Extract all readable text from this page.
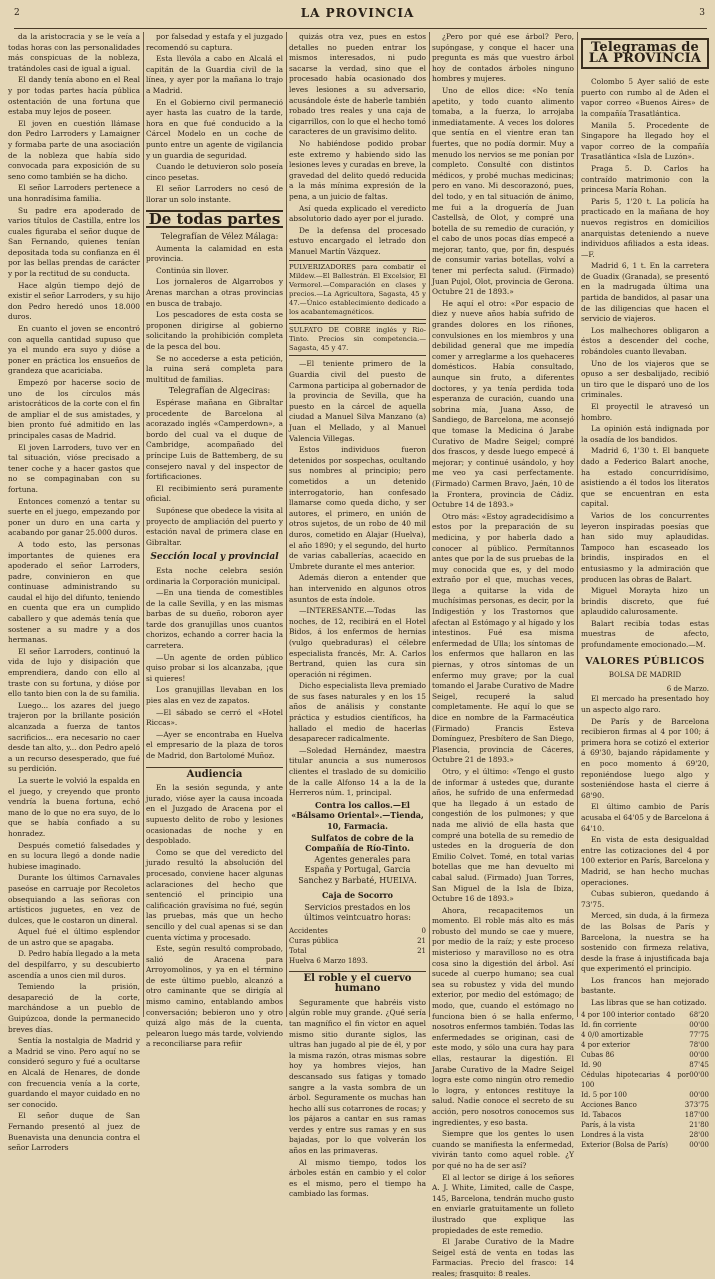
2	LA PROVINCIA	3

da la aristocracia y se le veía a todas horas con las personalidades más conspicuas de la nobleza, tratándoles casi de igual a igual.

El dandy tenía abono en el Real y por todas partes hacía pública ostentación de una fortuna que estaba muy lejos de poseer.

El joven en cuestión llámase don Pedro Larroders y Lamaigner y formaba parte de una asociación de la nobleza que había sido convocada para exposición de su seno como también se ha dicho.

El señor Larroders pertenece a una honradísima familia.

Su padre era apoderado de varios títulos de Castilla, entre los cuales figuraba el señor duque de San Fernando, quienes tenían depositada toda su confianza en él por las bellas prendas de carácter y por la rectitud de su conducta.

Hace algún tiempo dejó de existir el señor Larroders, y su hijo don Pedro heredó unos 18.000 duros.

En cuanto el joven se encontró con aquella cantidad supuso que ya el mundo era suyo y dióse a poner en práctica los ensueños de grandeza que acariciaba.

Empezó por hacerse socio de uno de los círculos más aristocráticos de la corte con el fin de ampliar el de sus amistades, y bien pronto fué admitido en las principales casas de Madrid.

El joven Larroders, tuvo ver en tal situación, vióse precisado a tener coche y a hacer gastos que no se compaginaban con su fortuna.

Entonces comenzó a tentar su suerte en el juego, empezando por poner un duro en una carta y acabando por ganar 25.000 duros.

A todo esto, las personas importantes de quienes era apoderado el señor Larroders, padre, convinieron en que continuase administrando su caudal el hijo del difunto, teniendo en cuenta que era un cumplido caballero y que además tenía que sostener a su madre y a dos hermanas.

El señor Larroders, continuó la vida de lujo y disipación que emprendiera, dando con ello al traste con su fortuna, y dióse por ello tanto bien con la de su familia.

Luego... los azares del juego trajeron por la brillante posición alcanzada a fuerza de tantos sacrificios... era necesario no caer desde tan alto, y... don Pedro apeló a un recurso desesperado, que fué su perdición.

La suerte le volvió la espalda en el juego, y creyendo que pronto vendría la buena fortuna, echó mano de lo que no era suyo, de lo que se había confiado a su honradez.

Después cometió falsedades y en su locura llegó a donde nadie hubiese imaginado.

Durante los últimos Carnavales paseóse en carruaje por Recoletos obsequiando a las señoras con artísticos juguetes, en vez de dulces, que le costaron un dineral.

Aquel fué el último esplendor de un astro que se apagaba.

D. Pedro había llegado a la meta del despilfarro, y su descubierto ascendía a unos cien mil duros.

Temiendo la prisión, desapareció de la corte, marchándose a un pueblo de Guipúzcoa, donde la permanecido breves días.

Sentía la nostalgia de Madrid y a Madrid se vino. Pero aquí no se consideró seguro y fué a ocultarse en Alcalá de Henares, de donde con frecuencia venía a la corte, guardando el mayor cuidado en no ser conocido.

El señor duque de San Fernando presentó al juez de Buenavista una denuncia contra el señor Larroders

por falsedad y estafa y el juzgado recomendó su captura.

Esta llevóla a cabo en Alcalá el capitán de la Guardia civil de la línea, y ayer por la mañana lo trajo a Madrid.

En el Gobierno civil permaneció ayer hasta las cuatro de la tarde, hora en que fué conducido a la Cárcel Modelo en un coche de punto entre un agente de vigilancia y un guardia de seguridad.

Cuando le detuvieron solo poseía cinco pesetas.

El señor Larroders no cesó de llorar un solo instante.

De todas partes

Telegrafían de Vélez Málaga:

Aumenta la calamidad en esta provincia.

Continúa sin llover.

Los jornaleros de Algarrobos y Arenas marchan a otras provincias en busca de trabajo.

Los pescadores de esta costa se proponen dirigirse al gobierno solicitando la prohibición completa de la pesca del bou.

Se no accederse a esta petición, la ruina será completa para multitud de familias.

Telegrafían de Algeciras:

Espérase mañana en Gibraltar procedente de Barcelona al acorazado inglés «Camperdown», a bordo del cual va el duque de Cambridge, acompañado del príncipe Luis de Battemberg, de su consejero naval y del inspector de fortificaciones.

El recibimiento será puramente oficial.

Supónese que obedece la visita al proyecto de ampliación del puerto y estación naval de primera clase en Gibraltar.

Sección local y provincial

Esta noche celebra sesión ordinaria la Corporación municipal.

—En una tienda de comestibles de la calle Sevilla, y en las mismas barbas de su dueño, roboron ayer tarde dos granujillas unos cuantos chorizos, echando a correr hacia la carretera.

—Un agente de orden público quiso probar si los alcanzaba, ¡que si quieres!

Los granujillas llevaban en los pies alas en vez de zapatos.

—El sábado se cerró el «Hotel Riccas».

—Ayer se encontraba en Huelva el empresario de la plaza de toros de Madrid, don Bartolomé Muñoz.

Audiencia

En la sesión segunda, y ante jurado, vióse ayer la causa incoada en el Juzgado de Aracena por el supuesto delito de robo y lesiones ocasionadas de noche y en despoblado.

Como se que del veredicto del jurado resultó la absolución del procesado, conviene hacer algunas aclaraciones del hecho que sentenció el principio una calificación gravísima no fué, según las pruebas, más que un hecho sencillo y del cual apenas si se dan cuenta víctima y procesado.

Este, según resultó comprobado, salió de Aracena para Arroyomolinos, y ya en el término de este último pueblo, alcanzó a otro caminante que se dirigía al mismo camino, entablando ambos conversación; bebieron uno y otro quizá algo más de la cuenta, pelearon luego más tarde, volviendo a reconciliarse para refiir

quizás otra vez, pues en estos detalles no pueden entrar los mismos interesados, ni pudo sacarse la verdad, sino que el procesado había ocasionado dos leves lesiones a su adversario, acusándole éste de haberle también robado tres reales y una caja de cigarrillos, con lo que el hecho tomó caracteres de un gravísimo delito.

No habiéndose podido probar este extremo y habiendo sido las lesiones leves y curadas en breve, la gravedad del delito quedó reducida a la más mínima expresión de la pena, a un juicio de faltas.

Así queda explicado el veredicto absolutorio dado ayer por el jurado.

De la defensa del procesado estuvo encargado el letrado don Manuel Martín Vázquez.

PULVERIZADORES para combatir el Mildew.—El Ballestrán. El Excelsior, El Vermorel.—Comparación en clases y precios.—La Agricultora, Sagasta, 45 y 47.—Único establecimiento dedicado a los acabantemagnéticos.
SULFATO DE COBRE inglés y Rio-Tinto. Precios sin competencia.—Sagasta, 45 y 47.

—El teniente primero de la Guardia civil del puesto de Carmona participa al gobernador de la provincia de Sevilla, que ha puesto en la cárcel de aquella ciudad a Manuel Silva Manzano (a) Juan el Mellado, y al Manuel Valencia Villegas.

Estos individuos fueron detenidos por sospechas, ocultando sus nombres al principio; pero cometidos a un detenido interrogatorio, han confesado llamarse como queda dicho, y ser autores, el primero, en unión de otros sujetos, de un robo de 40 mil duros, cometido en Alajar (Huelva), el año 1890; y el segundo, del hurto de varias caballerías, acaecido en Umbrete durante el mes anterior.

Además dieron a entender que han intervenido en algunos otros asuntos de esta índole.

—INTERESANTE.—Todas las noches, de 12, recibirá en el Hotel Bidos, á los enfermos de hernias (vulgo quebraduras) el célebre especialista francés, Mr. A. Carlos Bertrand, quien las cura sin operación ni régimen.

Dicho especialista lleva premiado de sus fases naturales y en los 15 años de análisis y constante práctica y estudios científicos, ha hallado el medio de hacerlas desaparecer radicalmente.

—Soledad Hernández, maestra titular anuncia a sus numerosos clientes el traslado de su domicilio de la calle Alfonso 14 a la de la Herreros núm. 1, principal.

Contra los callos.—El «Bálsamo Oriental».—Tienda, 10, Farmacia.

Sulfatos de cobre de la Compañía de Río-Tinto.

Agentes generales para España y Portugal, Garcia Sanchez y Barbaté, HUELVA.

Caja de Socorro
Servicios prestados en los últimos veintcuatro horas:
Accidentes	0
Curas pública	21
Total	21
Huelva 6 Marzo 1893.
El roble y el cuervo humano

Seguramente que habréis visto algún roble muy grande. ¿Qué sería tan magnífico el fin víctor en aquel mismo sitio durante siglos, las ultras han jugado al pie de él, y por la misma razón, otras mismas sobre hoy ya hombres viejos, han descansado sus fatigas y tomado sangre a la vasta sombra de un árbol. Seguramente os muchas han hecho allí sus cotarrones de rocas; y los pájaros a cantar en sus ramas verdes y entre sus ramas y en sus bajadas, por lo que volverán los años en las primaveras.

Al mismo tiempo, todos los árboles están en cambio y el color es el mismo, pero el tiempo ha cambiado las formas.

¿Pero por qué ese árbol? Pero, supóngase, y conque el hacer una pregunta es más que vuestro árbol hoy de contados árboles ninguno hombres y mujeres.

Uno de ellos dice: «No tenía apetito, y todo cuanto alimento tomaba, a la fuerza, lo arrojaba inmediatamente. A veces los dolores que sentía en el vientre eran tan fuertes, que no podía dormir. Muy a menudo los nervios se me ponían por completo. Consulté con distintos médicos, y probé muchas medicinas; pero en vano. Mi descorazonó, pues, del todo, y en tal situación de ánimo, me fui a la droguería de Juan Castellsà, de Olot, y compré una botella de su remedio de curación, y el cabo de unos pocas días empecé a mejorar, tanto, que, por fin, después de consumir varias botellas, volví a tener mi perfecta salud. (Firmado) Juan Pujol, Olot, provincia de Gerona. Octubre 21 de 1893.»

He aquí el otro: «Por espacio de diez y nueve años había sufrido de grandes dolores en los riñones, convulsiones en los miembros y una debilidad general que me impedía comer y arreglarme a los quehaceres domésticos. Había consultado, aunque sin fruto, a diferentes doctores, y ya tenía perdida toda esperanza de curación, cuando una sobrina mía, Juana Asso, de Sandiego, de Barcelona, me aconsejó que tomase la Medicina ó Jarabe Curativo de Madre Seigel; compré dos frascos, y desde luego empecé á mejorar; y continué usándolo, y hoy me veo ya casi perfectamente. (Firmado) Carmen Bravo, Jaén, 10 de la Frontera, provincia de Cádiz. Octubre 14 de 1893.»

Otro más: «Estoy agradecidísimo a estos por la preparación de su medicina, y por haberla dado a conocer al público. Permítannos antes que por la de sus pruebas de la muy conocida que es, y del modo extraño por el que, muchas veces, llega a quitarse la vida de muchísimas personas, es decir, por la Indigestión y los Trastornos que afectan al Estómago y al hígado y los intestinos. Fué esa misma enfermedad de Ulla; los síntomas de los enfermos que hallaron en las piernas, y otros síntomas de un enfermo muy grave; por la cual tomando el Jarabe Curativo de Madre Seigel, recuperé la salud completamente. He aquí lo que se dice en nombre de la Farmacéutica (Firmado) Francis Esteva Domínguez, Presbítero de San Diego, Plasencia, provincia de Cáceres, Octubre 21 de 1893.»

Otro, y el último: «Tengo el gusto de informar á ustedes que, durante años, he sufrido de una enfermedad que ha llegado á un estado de congestión de los pulmones; y que nada me alivió de ella hasta que compré una botella de su remedio de ustedes en la droguería de don Emilio Colvet. Tomé, en total varias botellas que me han devuelto mi cabal salud. (Firmado) Juan Torres, San Miguel de la Isla de Ibiza, Octubre 16 de 1893.»

Ahora, recapacitemos un momento. El roble más alto es más robusto del mundo se cae y muere, por medio de la raíz; y este proceso misterioso y maravilloso no es otra cosa sino la digestión del árbol. Así sucede al cuerpo humano; sea cual sea su robustez y vida del mundo exterior, por medio del estómago; de modo, que, cuando el estómago no funciona bien ó se halla enfermo, nosotros enfermos también. Todas las enfermedades se originan, casi de este modo, y sólo una cura hay para ellas, restaurar la digestión. El Jarabe Curativo de la Madre Seigel logra este como ningún otro remedio lo logra, y entonces restituye la salud. Nadie conoce el secreto de su acción, pero nosotros conocemos sus ingredientes, y eso basta.

Siempre que los gentes lo usen cuando se manifiesta la enfermedad, vivirán tanto como aquel roble. ¿Y por qué no ha de ser así?

El al lector se dirige á los señores A. J. White, Limited, calle de Caspe, 145, Barcelona, tendrán mucho gusto en enviarle gratuitamente un folleto ilustrado que explique las propiedades de este remedio.

El Jarabe Curativo de la Madre Seigel está de venta en todas las Farmacias. Precio del frasco: 14 reales; frasquito: 8 reales.

Telegramas de LA PROVINCIA

Colombo 5 Ayer salió de este puerto con rumbo al de Aden el vapor correo «Buenos Aires» de la compañía Trasatlántica.

Manila 5. Procedente de Singapore ha llegado hoy el vapor correo de la compañía Trasatlántica «Isla de Luzón».

Praga 5. D. Carlos ha contraído matrimonio con la princesa María Rohan.

Paris 5, 1'20 t. La policía ha practicado en la mañana de hoy nuevos registros en domicilios anarquistas deteniendo a nueve individuos afiliados a esta ideas.—F.

Madrid 6, 1 t. En la carretera de Guadix (Granada), se presentó en la madrugada última una partida de bandidos, al pasar una de las diligencias que hacen el servicio de viajeros.

Los malhechores obligaron a éstos a descender del coche, robándoles cuanto llevaban.

Uno de los viajeros que se opuso a ser desbalijado, recibió un tiro que le disparó uno de los criminales.

El proyectil le atravesó un hombro.

La opinión está indignada por la osadía de los bandidos.

Madrid 6, 1'30 t. El banquete dado a Federico Balart anoche, ha estado concurridísimo, asistiendo a él todos los literatos que se encuentran en esta capital.

Varios de los concurrentes leyeron inspiradas poesías que han sido muy aplaudidas. Tampoco han escaseado los brindis, inspirados en el entusiasmo y la admiración que producen las obras de Balart.

Miguel Morayta hizo un brindis discreto, que fué aplaudido calurosamente.

Balart recibía todas estas muestras de afecto, profundamente emocionado.—M.

VALORES PÚBLICOS
BOLSA DE MADRID
6 de Marzo.

El mercado ha presentado hoy un aspecto algo raro.

De París y de Barcelona recibieron firmas al 4 por 100; á primera hora se cotizó el exterior á 69'30, bajando rápidamente y en poco momento á 69'20, reponiéndose luego algo y sosteniéndose hasta el cierre á 68'90.

El último cambio de París acusaba el 64'05 y de Barcelona á 64'10.

En vista de esta desigualdad entre las cotizaciones del 4 por 100 exterior en París, Barcelona y Madrid, se han hecho muchas operaciones.

Cubas subieron, quedando á 73'75.

Merced, sin duda, á la firmeza de las Bolsas de París y Barcelona, la nuestra se ha sostenido con firmeza relativa, desde la frase á injustificada baja que experimentó el principio.

Los francos han mejorado bastante.

Las libras que se han cotizado.

4 por 100 interior contado 68'20
Id. fin corriente	00'00
4 0/0 amortizable	77'75
4 por exterior	78'00
Cubas 86	00'00
Id. 90	87'45
Cédulas hipotecarias 4 por 100
00'00
Id. 5 por 100	00'00
Acciones Banco	373'75
Id. Tabacos	187'00
París, á la vista	21'80
Londres á la vista	28'00
Exterior (Bolsa de París)	00'00
